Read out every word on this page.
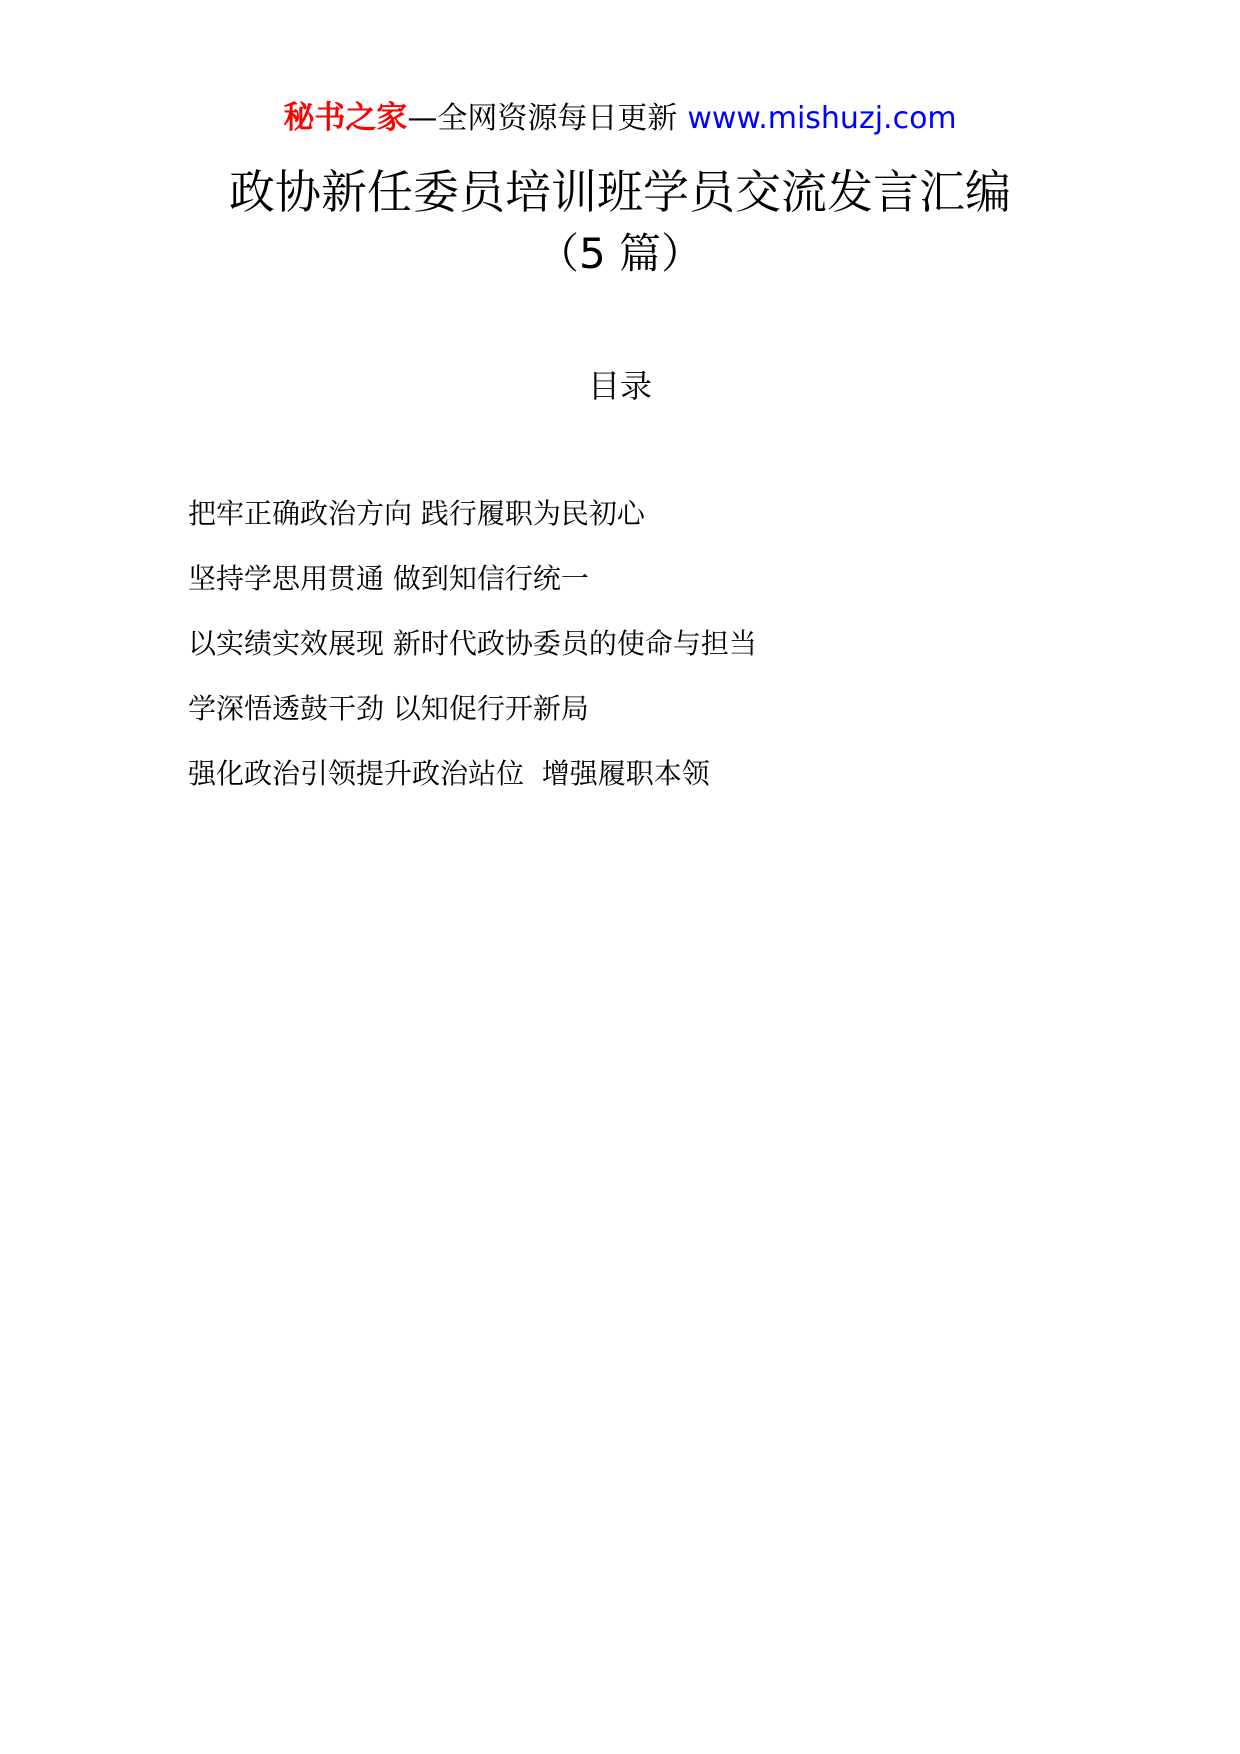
秘书之家—全网资源每日更新 www.mishuzj.com
政协新任委员培训班学员交流发言汇编
（5 篇）
目录
把牢正确政治方向 践行履职为民初心
坚持学思用贯通 做到知信行统一
以实绩实效展现 新时代政协委员的使命与担当
学深悟透鼓干劲 以知促行开新局
强化政治引领提升政治站位  增强履职本领
